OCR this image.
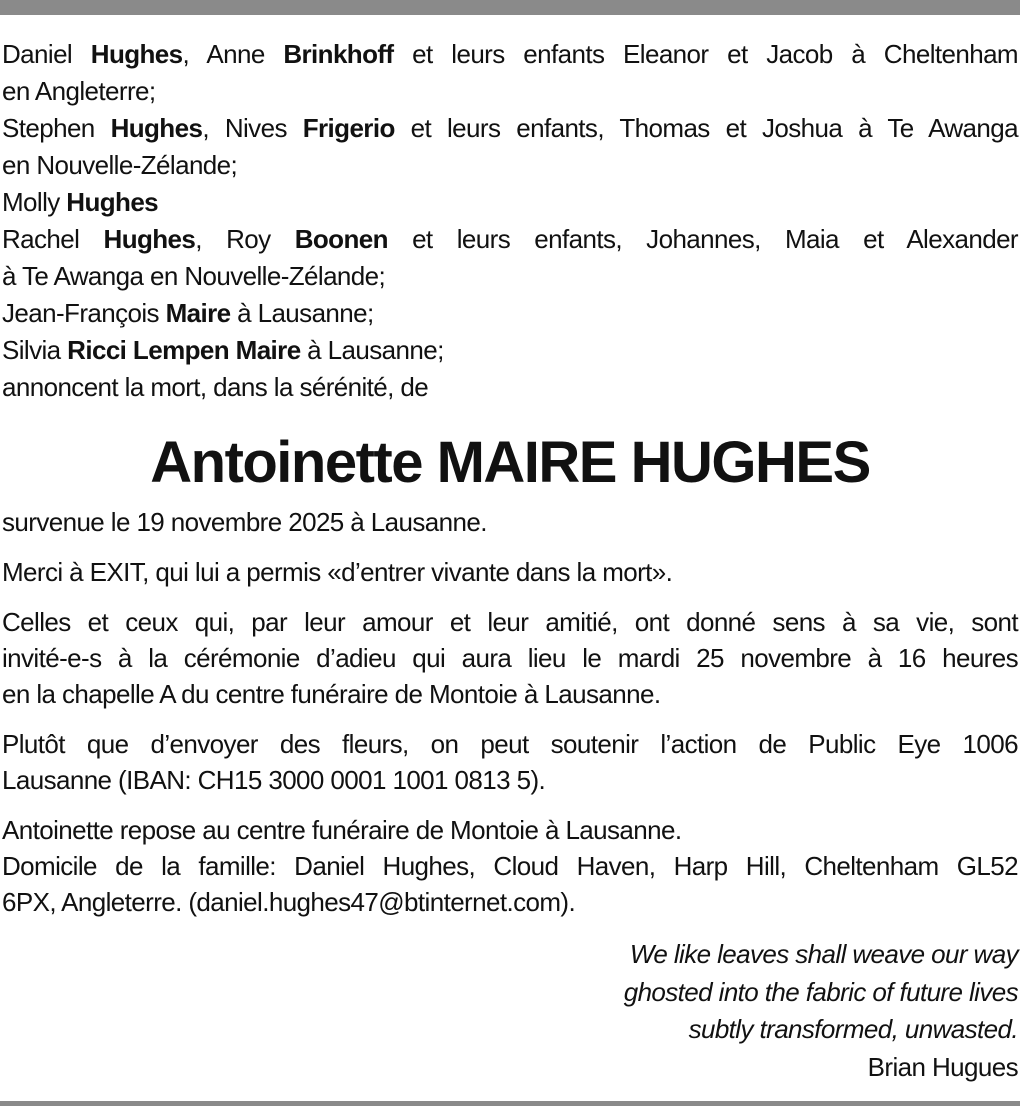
Daniel Hughes, Anne Brinkhoff et leurs enfants Eleanor et Jacob à Cheltenham
en Angleterre;
Stephen Hughes, Nives Frigerio et leurs enfants, Thomas et Joshua à Te Awanga
en Nouvelle-Zélande;
Molly Hughes
Rachel Hughes, Roy Boonen et leurs enfants, Johannes, Maia et Alexander
à Te Awanga en Nouvelle-Zélande;
Jean-François Maire à Lausanne;
Silvia Ricci Lempen Maire à Lausanne;
annoncent la mort, dans la sérénité, de
Antoinette MAIRE HUGHES
survenue le 19 novembre 2025 à Lausanne.
Merci à EXIT, qui lui a permis «d’entrer vivante dans la mort».
Celles et ceux qui, par leur amour et leur amitié, ont donné sens à sa vie, sont
invité-e-s à la cérémonie d’adieu qui aura lieu le mardi 25 novembre à 16 heures
en la chapelle A du centre funéraire de Montoie à Lausanne.
Plutôt que d’envoyer des fleurs, on peut soutenir l’action de Public Eye 1006
Lausanne (IBAN: CH15 3000 0001 1001 0813 5).
Antoinette repose au centre funéraire de Montoie à Lausanne.
Domicile de la famille: Daniel Hughes, Cloud Haven, Harp Hill, Cheltenham GL52
6PX, Angleterre. (daniel.hughes47@btinternet.com).
We like leaves shall weave our way
ghosted into the fabric of future lives
subtly transformed, unwasted.
Brian Hugues
